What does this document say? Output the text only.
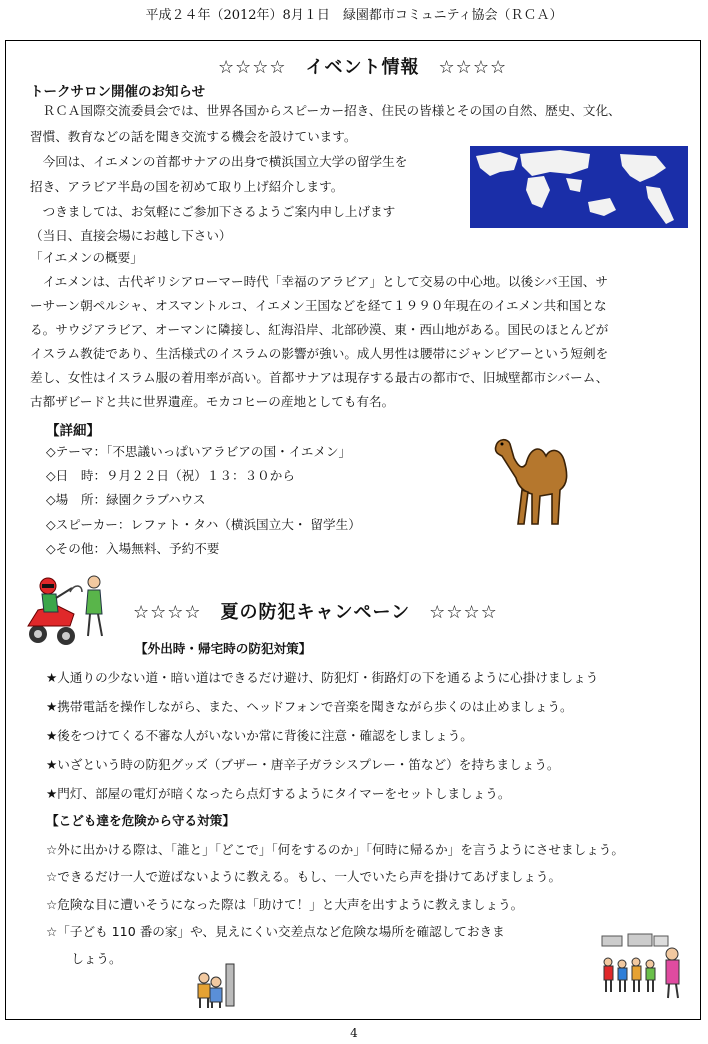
平成２４年（2012年）8月１日　緑園都市コミュニティ協会（ＲＣＡ）
☆☆☆☆　イベント情報　☆☆☆☆
トークサロン開催のお知らせ
　ＲＣＡ国際交流委員会では、世界各国からスピーカー招き、住民の皆様とその国の自然、歴史、文化、
習慣、教育などの話を聞き交流する機会を設けています。
　今回は、イエメンの首都サナアの出身で横浜国立大学の留学生を
招き、アラビア半島の国を初めて取り上げ紹介します。
　つきましては、お気軽にご参加下さるようご案内申し上げます
（当日、直接会場にお越し下さい）
「イエメンの概要」
　イエメンは、古代ギリシアローマー時代「幸福のアラビア」として交易の中心地。以後シバ王国、サ
ーサーン朝ペルシャ、オスマントルコ、イエメン王国などを経て１９９０年現在のイエメン共和国とな
る。サウジアラビア、オーマンに隣接し、紅海沿岸、北部砂漠、東・西山地がある。国民のほとんどが
イスラム教徒であり、生活様式のイスラムの影響が強い。成人男性は腰帯にジャンビアーという短剣を
差し、女性はイスラム服の着用率が高い。首都サナアは現存する最古の都市で、旧城壁都市シバーム、
古都ザビードと共に世界遺産。モカコヒーの産地としても有名。
【詳細】
◇テーマ：「不思議いっぱいアラビアの国・イエメン」
◇日　時：９月２２日（祝）１３：３０から
◇場　所：緑園クラブハウス
◇スピーカー：レファト・タハ（横浜国立大・ 留学生）
◇その他：入場無料、予約不要
☆☆☆☆　夏の防犯キャンペーン　☆☆☆☆
【外出時・帰宅時の防犯対策】
★人通りの少ない道・暗い道はできるだけ避け、防犯灯・街路灯の下を通るように心掛けましょう
★携帯電話を操作しながら、また、ヘッドフォンで音楽を聞きながら歩くのは止めましょう。
★後をつけてくる不審な人がいないか常に背後に注意・確認をしましょう。
★いざという時の防犯グッズ（ブザー・唐辛子ガラシスプレー・笛など）を持ちましょう。
★門灯、部屋の電灯が暗くなったら点灯するようにタイマーをセットしましょう。
【こども達を危険から守る対策】
☆外に出かける際は、「誰と」「どこで」「何をするのか」「何時に帰るか」を言うようにさせましょう。
☆できるだけ一人で遊ばないように教える。もし、一人でいたら声を掛けてあげましょう。
☆危険な目に遭いそうになった際は「助けて！」と大声を出すように教えましょう。
☆「子ども 110 番の家」や、見えにくい交差点など危険な場所を確認しておきま
　　しょう。
4
